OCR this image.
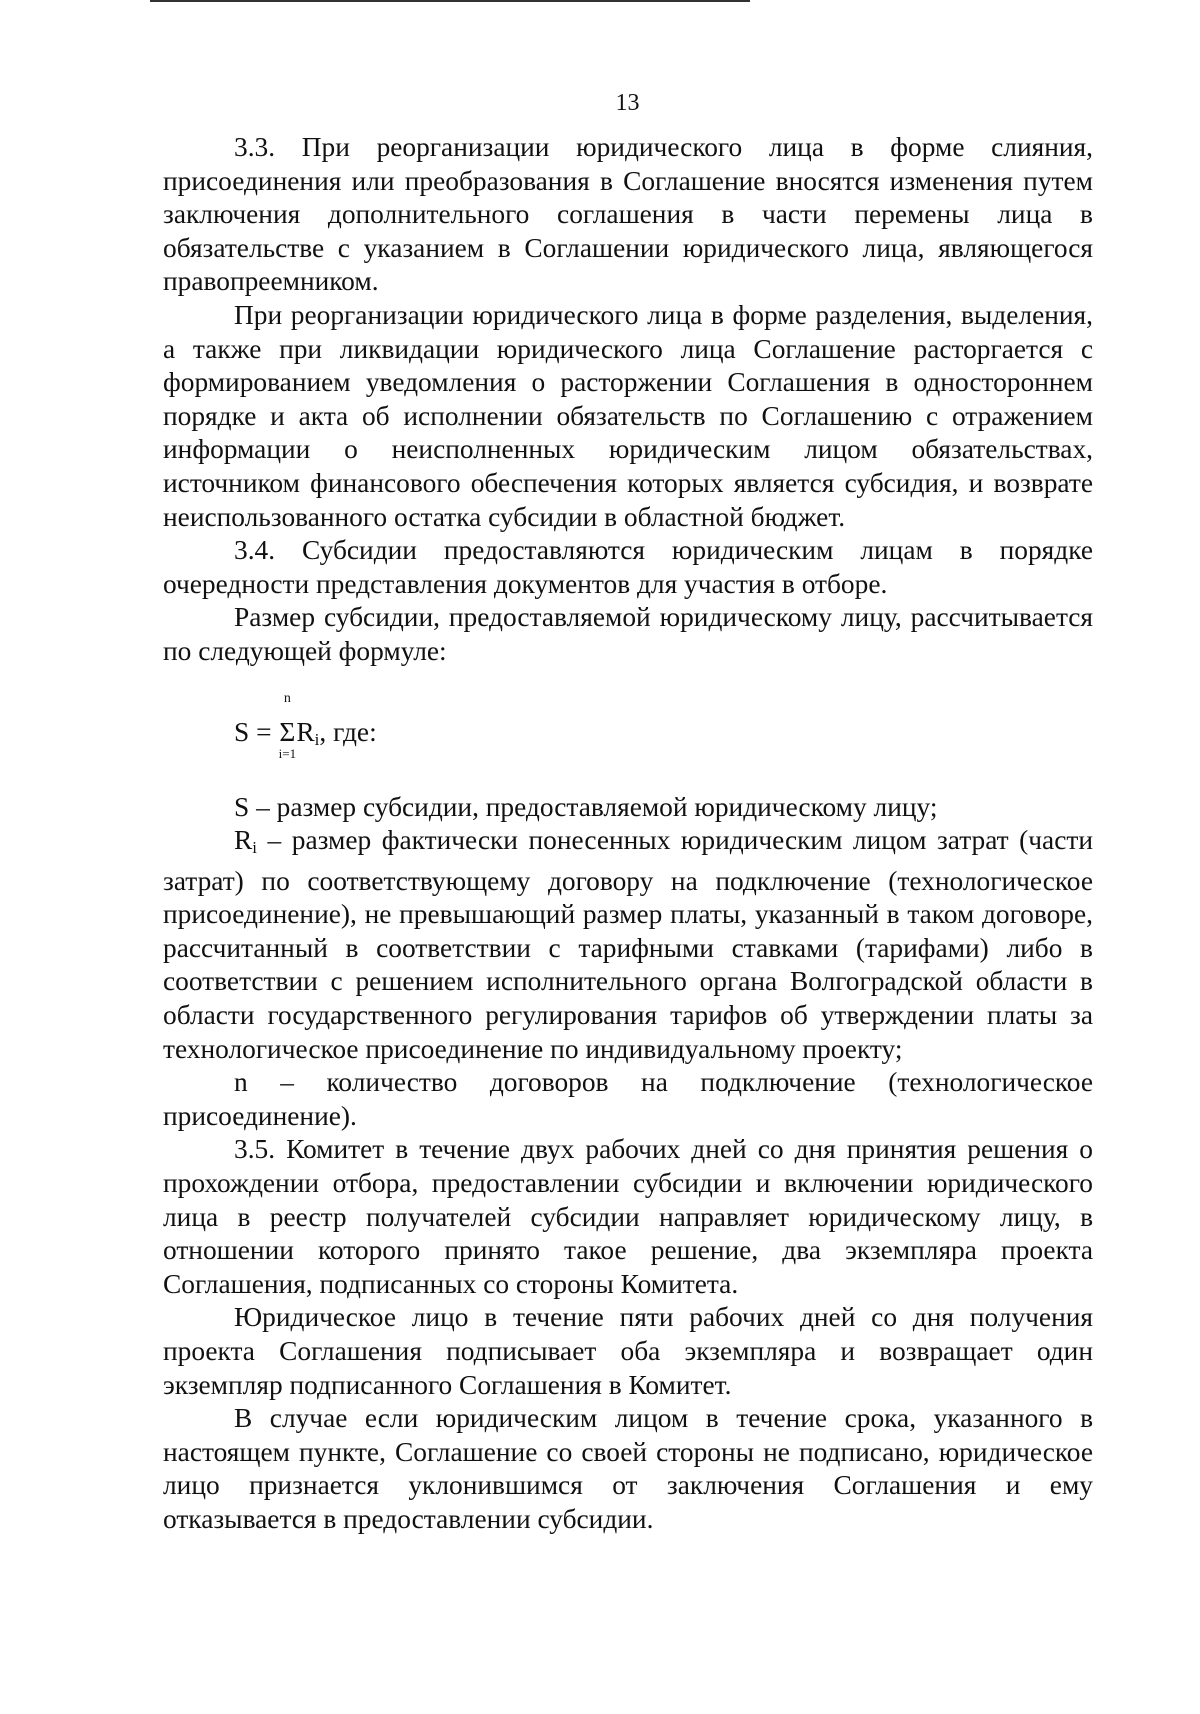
13

3.3. При реорганизации юридического лица в форме слияния, присоединения или преобразования в Соглашение вносятся изменения путем заключения дополнительного соглашения в части перемены лица в обязательстве с указанием в Соглашении юридического лица, являющегося правопреемником.

При реорганизации юридического лица в форме разделения, выделения, а также при ликвидации юридического лица Соглашение расторгается с формированием уведомления о расторжении Соглашения в одностороннем порядке и акта об исполнении обязательств по Соглашению с отражением информации о неисполненных юридическим лицом обязательствах, источником финансового обеспечения которых является субсидия, и возврате неиспользованного остатка субсидии в областной бюджет.

3.4. Субсидии предоставляются юридическим лицам в порядке очередности представления документов для участия в отборе.

Размер субсидии, предоставляемой юридическому лицу, рассчитывается по следующей формуле:

S =
n
Σ
i=1
$R_i$, где:

S – размер субсидии, предоставляемой юридическому лицу;

$R_i$ – размер фактически понесенных юридическим лицом затрат (части затрат) по соответствующему договору на подключение (технологическое присоединение), не превышающий размер платы, указанный в таком договоре, рассчитанный в соответствии с тарифными ставками (тарифами) либо в соответствии с решением исполнительного органа Волгоградской области в области государственного регулирования тарифов об утверждении платы за технологическое присоединение по индивидуальному проекту;

n – количество договоров на подключение (технологическое присоединение).

3.5. Комитет в течение двух рабочих дней со дня принятия решения о прохождении отбора, предоставлении субсидии и включении юридического лица в реестр получателей субсидии направляет юридическому лицу, в отношении которого принято такое решение, два экземпляра проекта Соглашения, подписанных со стороны Комитета.

Юридическое лицо в течение пяти рабочих дней со дня получения проекта Соглашения подписывает оба экземпляра и возвращает один экземпляр подписанного Соглашения в Комитет.

В случае если юридическим лицом в течение срока, указанного в настоящем пункте, Соглашение со своей стороны не подписано, юридическое лицо признается уклонившимся от заключения Соглашения и ему отказывается в предоставлении субсидии.
